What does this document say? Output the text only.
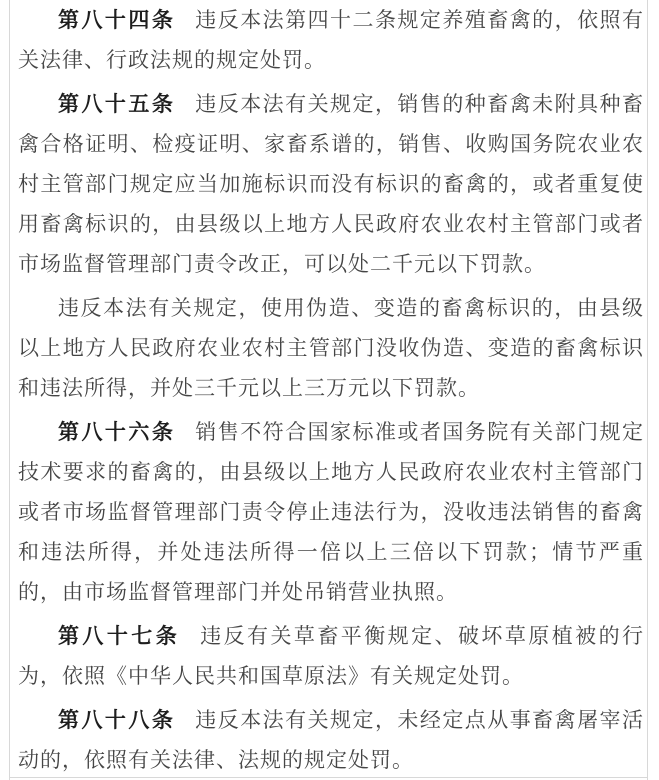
第八十四条 违反本法第四十二条规定养殖畜禽的，依照有
关法律、行政法规的规定处罚。
第八十五条 违反本法有关规定，销售的种畜禽未附具种畜
禽合格证明、检疫证明、家畜系谱的，销售、收购国务院农业农
村主管部门规定应当加施标识而没有标识的畜禽的，或者重复使
用畜禽标识的，由县级以上地方人民政府农业农村主管部门或者
市场监督管理部门责令改正，可以处二千元以下罚款。
违反本法有关规定，使用伪造、变造的畜禽标识的，由县级
以上地方人民政府农业农村主管部门没收伪造、变造的畜禽标识
和违法所得，并处三千元以上三万元以下罚款。
第八十六条 销售不符合国家标准或者国务院有关部门规定
技术要求的畜禽的，由县级以上地方人民政府农业农村主管部门
或者市场监督管理部门责令停止违法行为，没收违法销售的畜禽
和违法所得，并处违法所得一倍以上三倍以下罚款；情节严重
的，由市场监督管理部门并处吊销营业执照。
第八十七条 违反有关草畜平衡规定、破坏草原植被的行
为，依照《中华人民共和国草原法》有关规定处罚。
第八十八条 违反本法有关规定，未经定点从事畜禽屠宰活
动的，依照有关法律、法规的规定处罚。
